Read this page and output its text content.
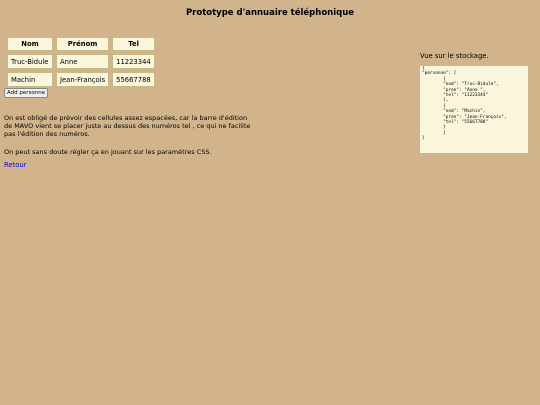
Prototype d'annuaire téléphonique
Nom	Prénom	Tel
Truc-Bidule	Anne	11223344
Machin	Jean-François	55667788
Add personne

On est obligé de prévoir des cellules assez espacées, car la barre d'édition de MAVO vient se placer juste au dessus des numéros tel , ce qui ne facilite pas l'édition des numéros.

On peut sans doute régler ça en jouant sur les paramètres CSS.

Retour
Vue sur le stockage.
{
"personne": [
{
"nom": "Truc-Bidule",
"pren": "Anne ",
"tel": "11223344"
},
{
"nom": "Machin",
"pren": "Jean-François",
"tel": "55667788"
}
]
}
